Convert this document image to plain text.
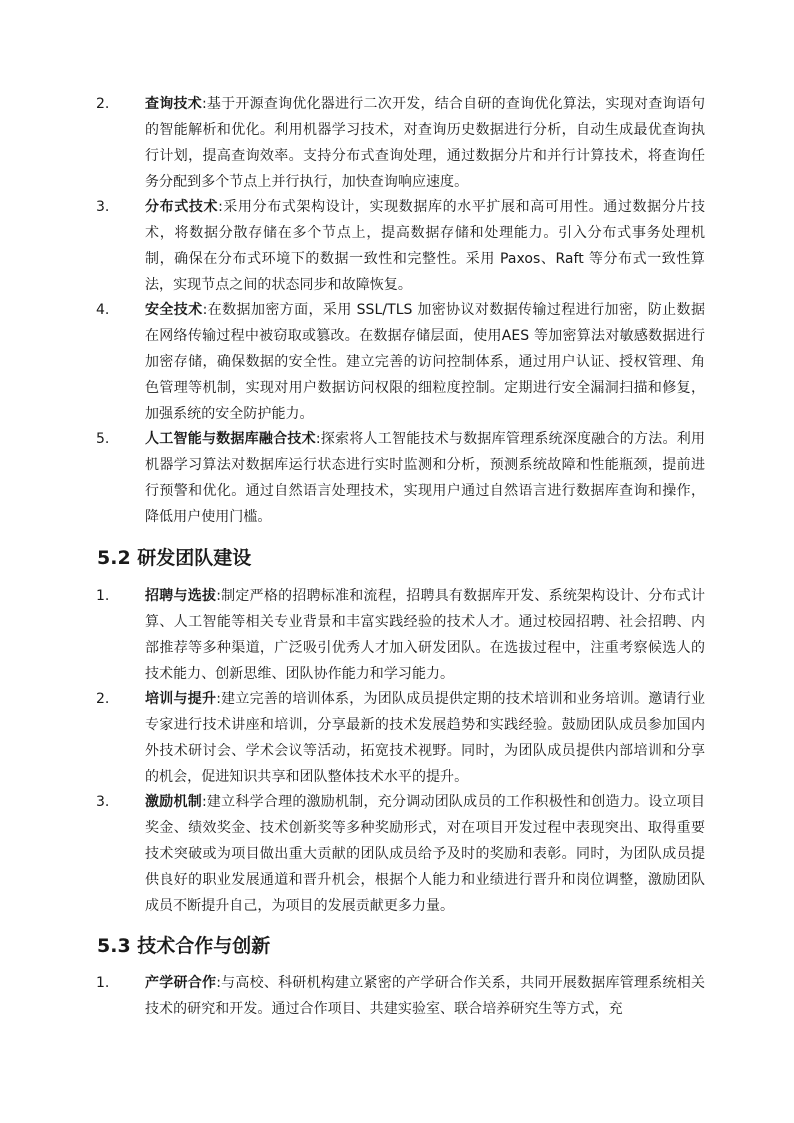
2.	查询技术:基于开源查询优化器进行二次开发，结合自研的查询优化算法，实现对查询语句的智能解析和优化。利用机器学习技术，对查询历史数据进行分析，自动生成最优查询执行计划，提高查询效率。支持分布式查询处理，通过数据分片和并行计算技术，将查询任务分配到多个节点上并行执行，加快查询响应速度。
3.	分布式技术:采用分布式架构设计，实现数据库的水平扩展和高可用性。通过数据分片技术，将数据分散存储在多个节点上，提高数据存储和处理能力。引入分布式事务处理机制，确保在分布式环境下的数据一致性和完整性。采用 Paxos、Raft 等分布式一致性算法，实现节点之间的状态同步和故障恢复。
4.	安全技术:在数据加密方面，采用 SSL/TLS 加密协议对数据传输过程进行加密，防止数据在网络传输过程中被窃取或篡改。在数据存储层面，使用AES 等加密算法对敏感数据进行加密存储，确保数据的安全性。建立完善的访问控制体系，通过用户认证、授权管理、角色管理等机制，实现对用户数据访问权限的细粒度控制。定期进行安全漏洞扫描和修复，加强系统的安全防护能力。
5.	人工智能与数据库融合技术:探索将人工智能技术与数据库管理系统深度融合的方法。利用机器学习算法对数据库运行状态进行实时监测和分析，预测系统故障和性能瓶颈，提前进行预警和优化。通过自然语言处理技术，实现用户通过自然语言进行数据库查询和操作，降低用户使用门槛。
5.2 研发团队建设
1.	招聘与选拔:制定严格的招聘标准和流程，招聘具有数据库开发、系统架构设计、分布式计算、人工智能等相关专业背景和丰富实践经验的技术人才。通过校园招聘、社会招聘、内部推荐等多种渠道，广泛吸引优秀人才加入研发团队。在选拔过程中，注重考察候选人的技术能力、创新思维、团队协作能力和学习能力。
2.	培训与提升:建立完善的培训体系，为团队成员提供定期的技术培训和业务培训。邀请行业专家进行技术讲座和培训，分享最新的技术发展趋势和实践经验。鼓励团队成员参加国内外技术研讨会、学术会议等活动，拓宽技术视野。同时，为团队成员提供内部培训和分享的机会，促进知识共享和团队整体技术水平的提升。
3.	激励机制:建立科学合理的激励机制，充分调动团队成员的工作积极性和创造力。设立项目奖金、绩效奖金、技术创新奖等多种奖励形式，对在项目开发过程中表现突出、取得重要技术突破或为项目做出重大贡献的团队成员给予及时的奖励和表彰。同时，为团队成员提供良好的职业发展通道和晋升机会，根据个人能力和业绩进行晋升和岗位调整，激励团队成员不断提升自己，为项目的发展贡献更多力量。
5.3 技术合作与创新
1.	产学研合作:与高校、科研机构建立紧密的产学研合作关系，共同开展数据库管理系统相关技术的研究和开发。通过合作项目、共建实验室、联合培养研究生等方式，充
